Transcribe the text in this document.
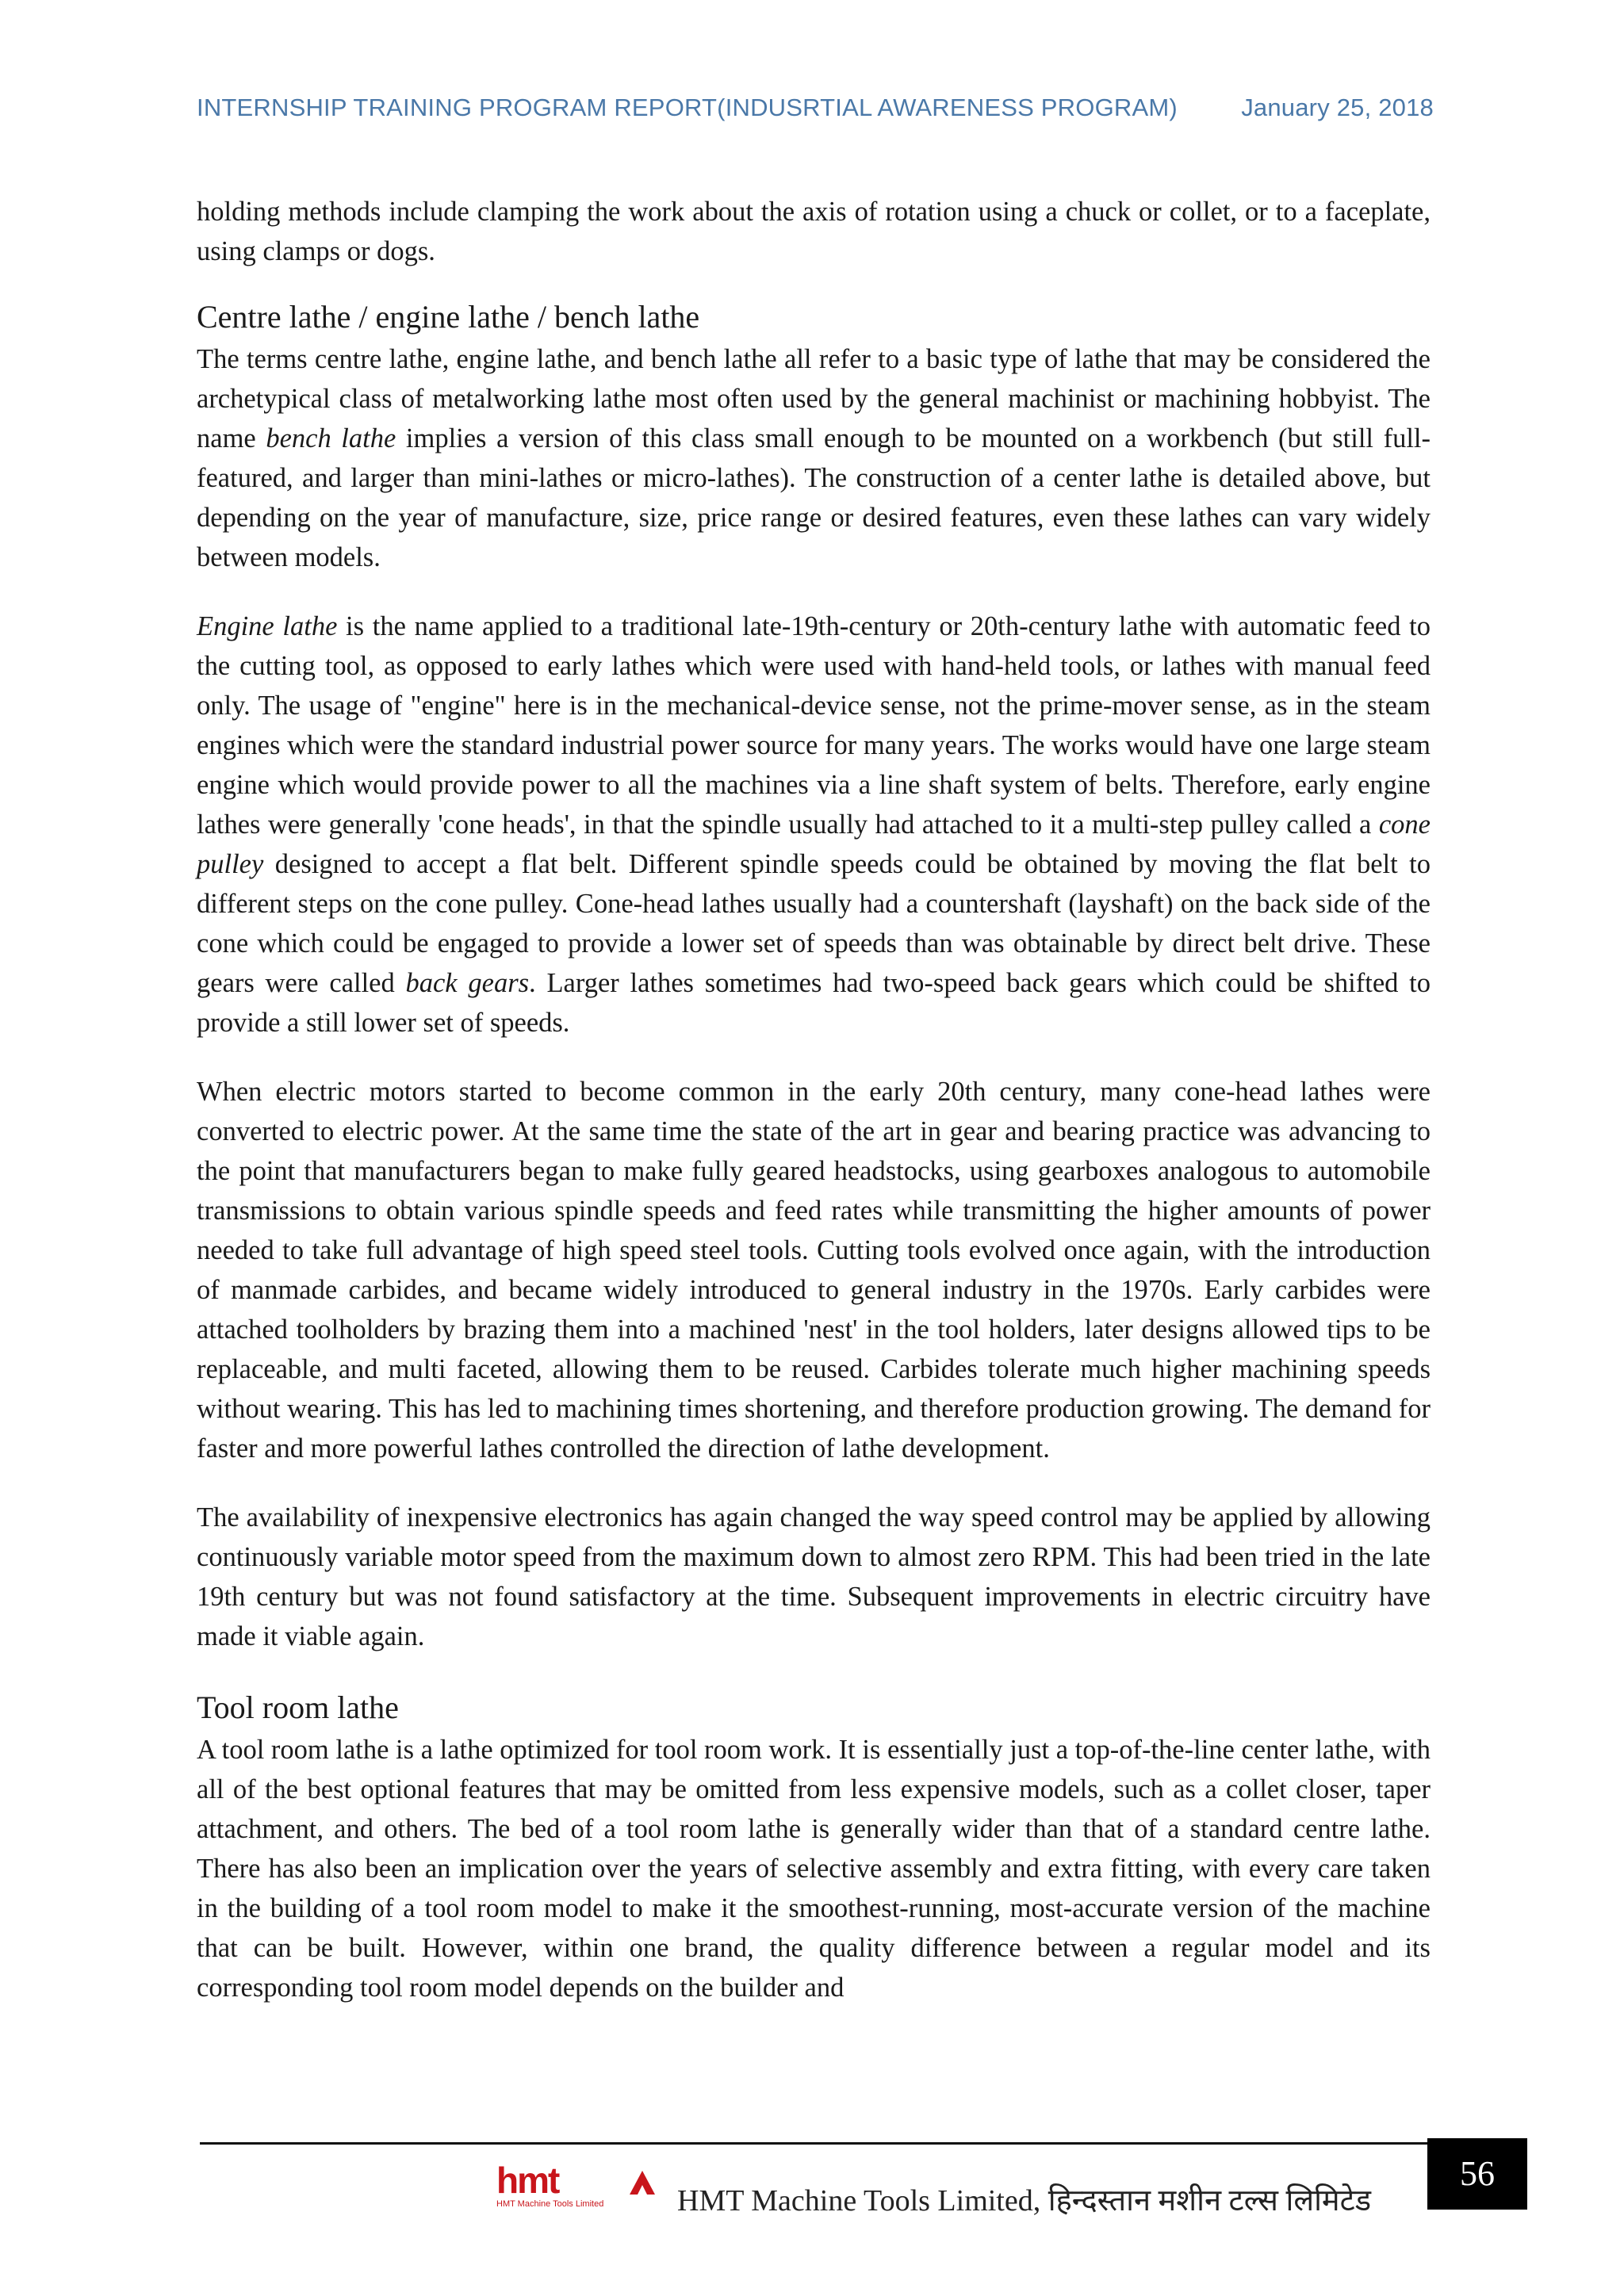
INTERNSHIP TRAINING PROGRAM REPORT(INDUSRTIAL AWARENESS PROGRAM)	January 25, 2018

holding methods include clamping the work about the axis of rotation using a chuck or collet, or to a faceplate, using clamps or dogs.

Centre lathe / engine lathe / bench lathe

The terms centre lathe, engine lathe, and bench lathe all refer to a basic type of lathe that may be considered the archetypical class of metalworking lathe most often used by the general machinist or machining hobbyist. The name bench lathe implies a version of this class small enough to be mounted on a workbench (but still full-featured, and larger than mini-lathes or micro-lathes). The construction of a center lathe is detailed above, but depending on the year of manufacture, size, price range or desired features, even these lathes can vary widely between models.

Engine lathe is the name applied to a traditional late-19th-century or 20th-century lathe with automatic feed to the cutting tool, as opposed to early lathes which were used with hand-held tools, or lathes with manual feed only. The usage of "engine" here is in the mechanical-device sense, not the prime-mover sense, as in the steam engines which were the standard industrial power source for many years. The works would have one large steam engine which would provide power to all the machines via a line shaft system of belts. Therefore, early engine lathes were generally 'cone heads', in that the spindle usually had attached to it a multi-step pulley called a cone pulley designed to accept a flat belt. Different spindle speeds could be obtained by moving the flat belt to different steps on the cone pulley. Cone-head lathes usually had a countershaft (layshaft) on the back side of the cone which could be engaged to provide a lower set of speeds than was obtainable by direct belt drive. These gears were called back gears. Larger lathes sometimes had two-speed back gears which could be shifted to provide a still lower set of speeds.

When electric motors started to become common in the early 20th century, many cone-head lathes were converted to electric power. At the same time the state of the art in gear and bearing practice was advancing to the point that manufacturers began to make fully geared headstocks, using gearboxes analogous to automobile transmissions to obtain various spindle speeds and feed rates while transmitting the higher amounts of power needed to take full advantage of high speed steel tools. Cutting tools evolved once again, with the introduction of manmade carbides, and became widely introduced to general industry in the 1970s. Early carbides were attached toolholders by brazing them into a machined 'nest' in the tool holders, later designs allowed tips to be replaceable, and multi faceted, allowing them to be reused. Carbides tolerate much higher machining speeds without wearing. This has led to machining times shortening, and therefore production growing. The demand for faster and more powerful lathes controlled the direction of lathe development.

The availability of inexpensive electronics has again changed the way speed control may be applied by allowing continuously variable motor speed from the maximum down to almost zero RPM. This had been tried in the late 19th century but was not found satisfactory at the time. Subsequent improvements in electric circuitry have made it viable again.

Tool room lathe

A tool room lathe is a lathe optimized for tool room work. It is essentially just a top-of-the-line center lathe, with all of the best optional features that may be omitted from less expensive models, such as a collet closer, taper attachment, and others. The bed of a tool room lathe is generally wider than that of a standard centre lathe. There has also been an implication over the years of selective assembly and extra fitting, with every care taken in the building of a tool room model to make it the smoothest-running, most-accurate version of the machine that can be built. However, within one brand, the quality difference between a regular model and its corresponding tool room model depends on the builder and

hmt
HMT Machine Tools Limited HMT Machine Tools Limited, हिन्दस्तान मशीन टल्स लिमिटेड
56
